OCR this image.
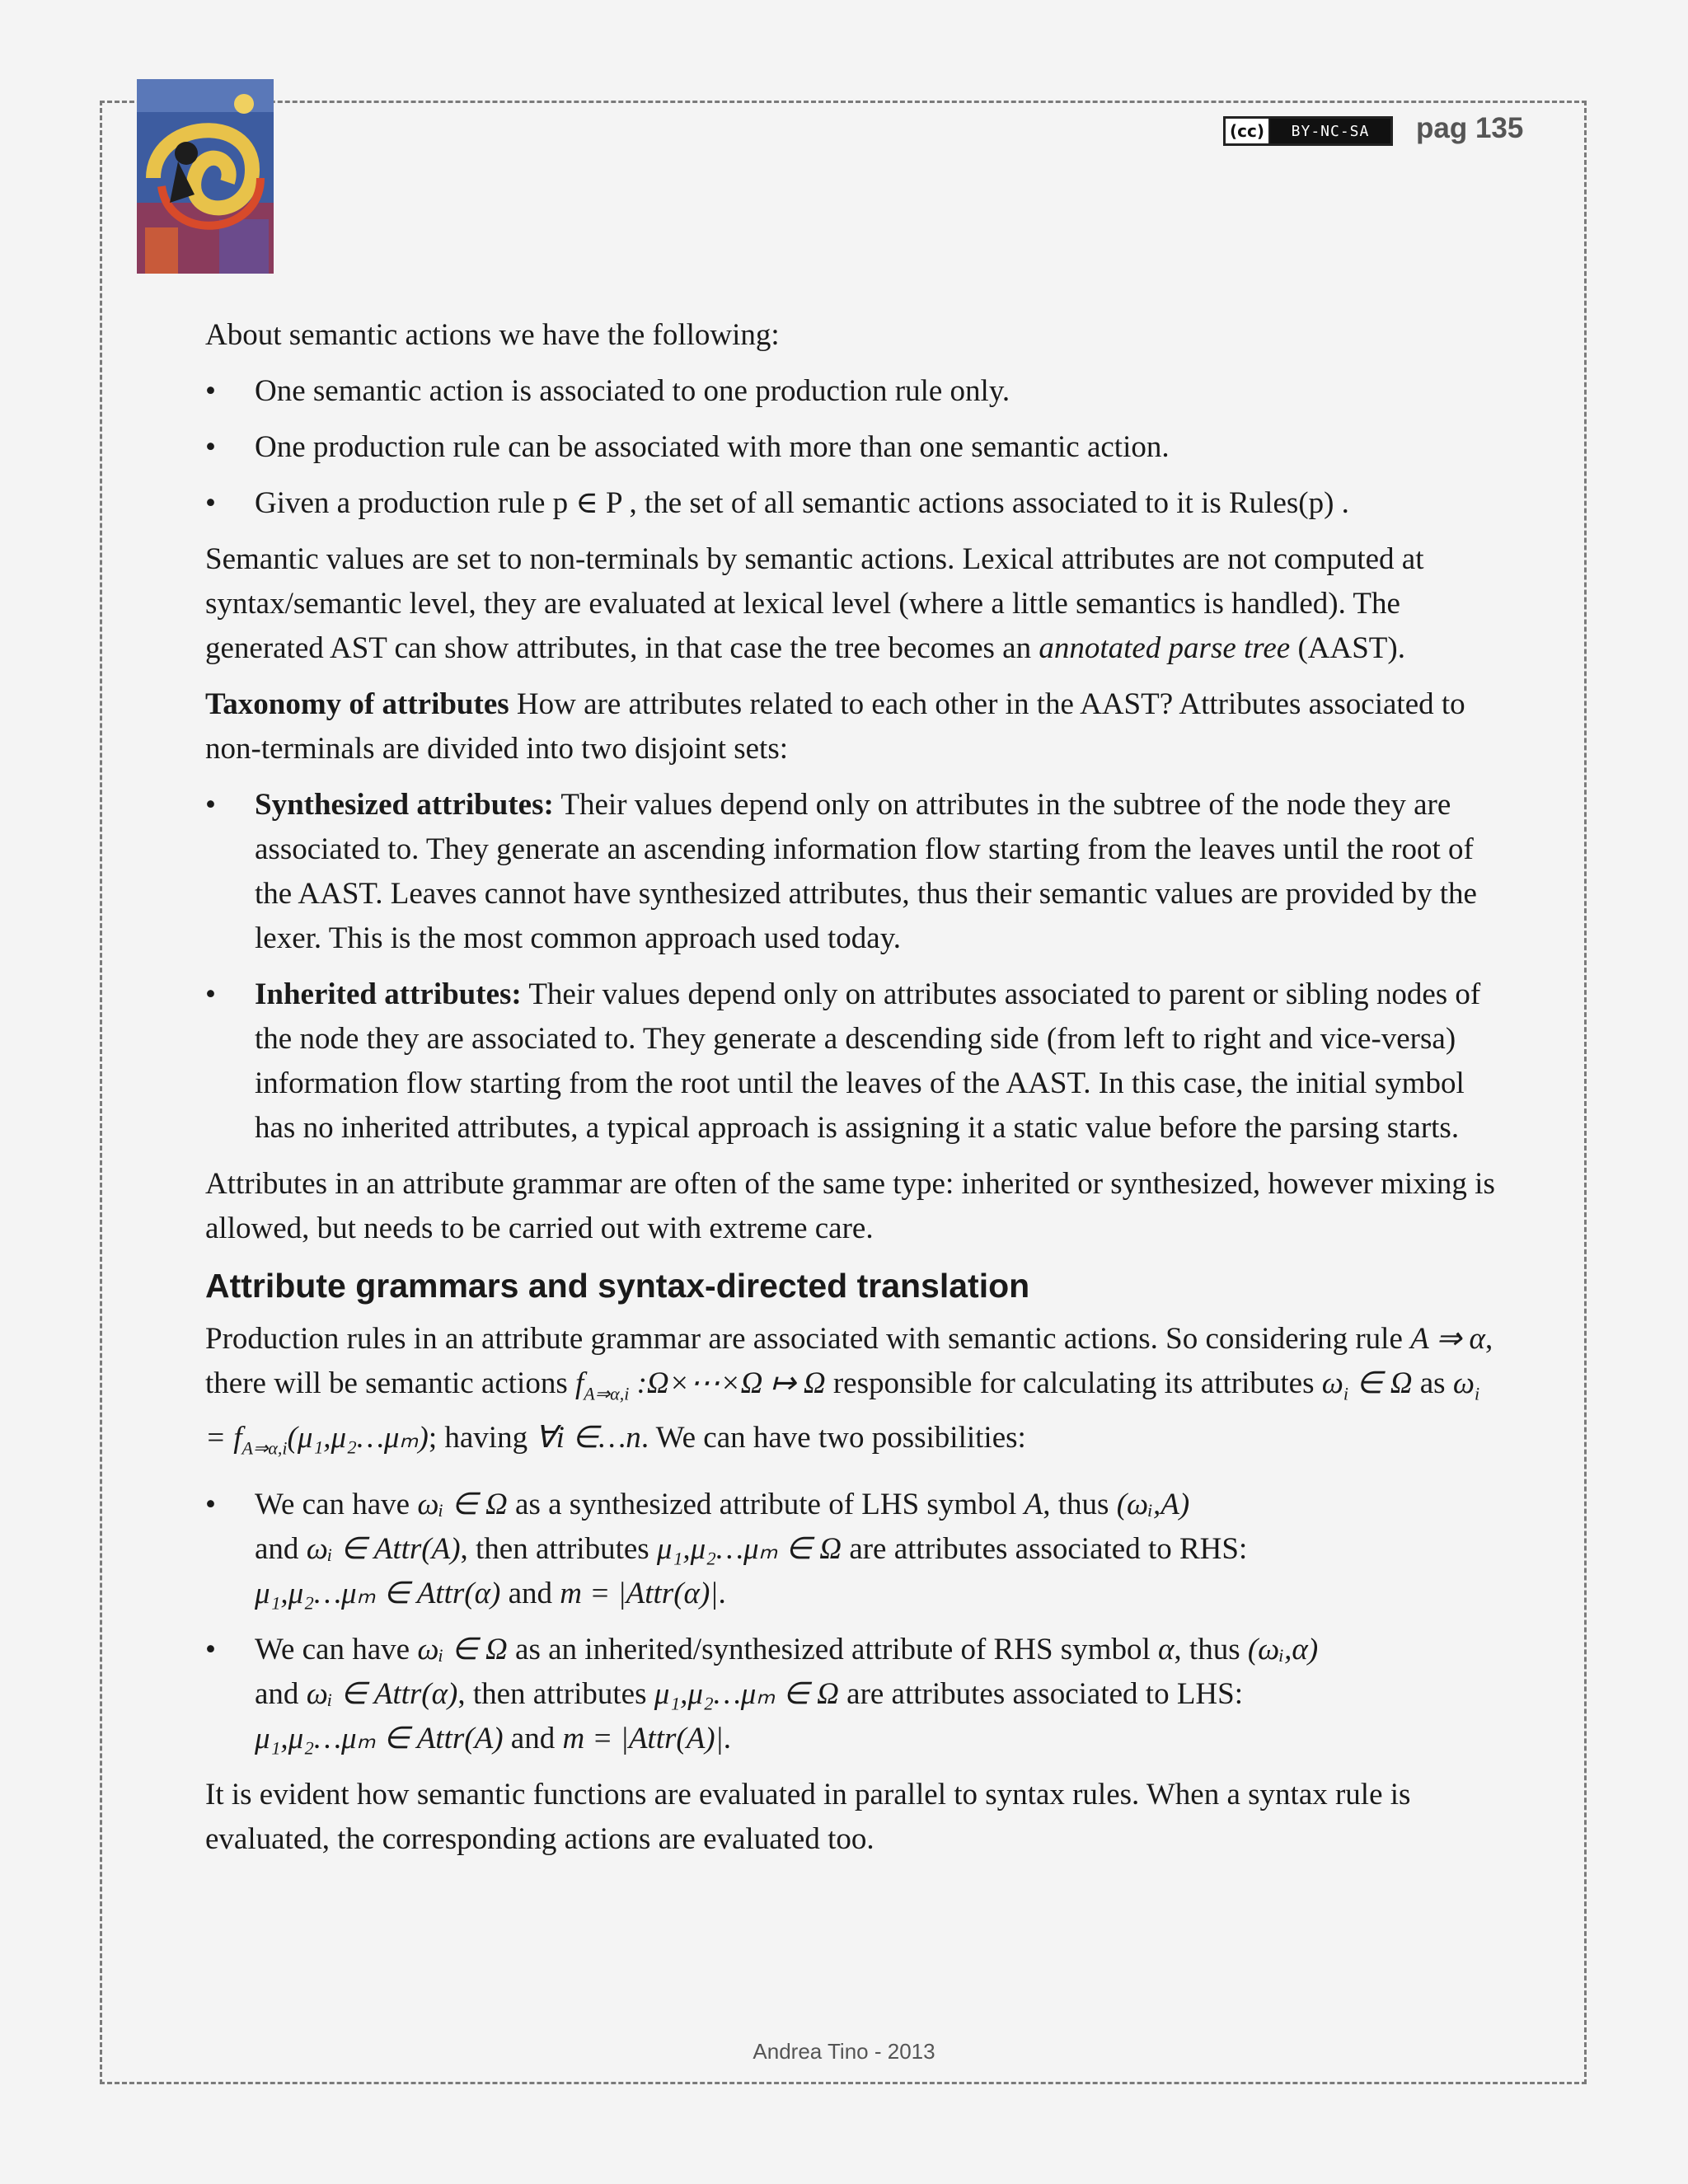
(cc)	BY-NC-SA	pag 135

About semantic actions we have the following:

• One semantic action is associated to one production rule only.
• One production rule can be associated with more than one semantic action.
• Given a production rule p ∈ P , the set of all semantic actions associated to it is Rules(p) .

Semantic values are set to non-terminals by semantic actions. Lexical attributes are not computed at syntax/semantic level, they are evaluated at lexical level (where a little semantics is handled). The generated AST can show attributes, in that case the tree becomes an annotated parse tree (AAST).

Taxonomy of attributes How are attributes related to each other in the AAST? Attributes associated to non-terminals are divided into two disjoint sets:

• Synthesized attributes: Their values depend only on attributes in the subtree of the node they are associated to. They generate an ascending information flow starting from the leaves until the root of the AAST. Leaves cannot have synthesized attributes, thus their semantic values are provided by the lexer. This is the most common approach used today.
• Inherited attributes: Their values depend only on attributes associated to parent or sibling nodes of the node they are associated to. They generate a descending side (from left to right and vice-versa) information flow starting from the root until the leaves of the AAST. In this case, the initial symbol has no inherited attributes, a typical approach is assigning it a static value before the parsing starts.

Attributes in an attribute grammar are often of the same type: inherited or synthesized, however mixing is allowed, but needs to be carried out with extreme care.

Attribute grammars and syntax-directed translation

Production rules in an attribute grammar are associated with semantic actions. So considering rule A ⇒ α, there will be semantic actions $f_{A\Rightarrow\alpha,i}$ :Ω×⋯×Ω ↦ Ω responsible for calculating its attributes $\omega_i$ ∈ Ω as $\omega_i$ = $f_{A\Rightarrow\alpha,i}(\mu_1,\mu_2\dots\mu_m)$; having ∀i ∈…n. We can have two possibilities:

• We can have ωᵢ ∈ Ω as a synthesized attribute of LHS symbol A, thus (ωᵢ,A)
and ωᵢ ∈ Attr(A), then attributes μ₁,μ₂…μₘ ∈ Ω are attributes associated to RHS:
μ₁,μ₂…μₘ ∈ Attr(α) and m = |Attr(α)|.
• We can have ωᵢ ∈ Ω as an inherited/synthesized attribute of RHS symbol α, thus (ωᵢ,α)
and ωᵢ ∈ Attr(α), then attributes μ₁,μ₂…μₘ ∈ Ω are attributes associated to LHS:
μ₁,μ₂…μₘ ∈ Attr(A) and m = |Attr(A)|.

It is evident how semantic functions are evaluated in parallel to syntax rules. When a syntax rule is evaluated, the corresponding actions are evaluated too.

Andrea Tino - 2013
